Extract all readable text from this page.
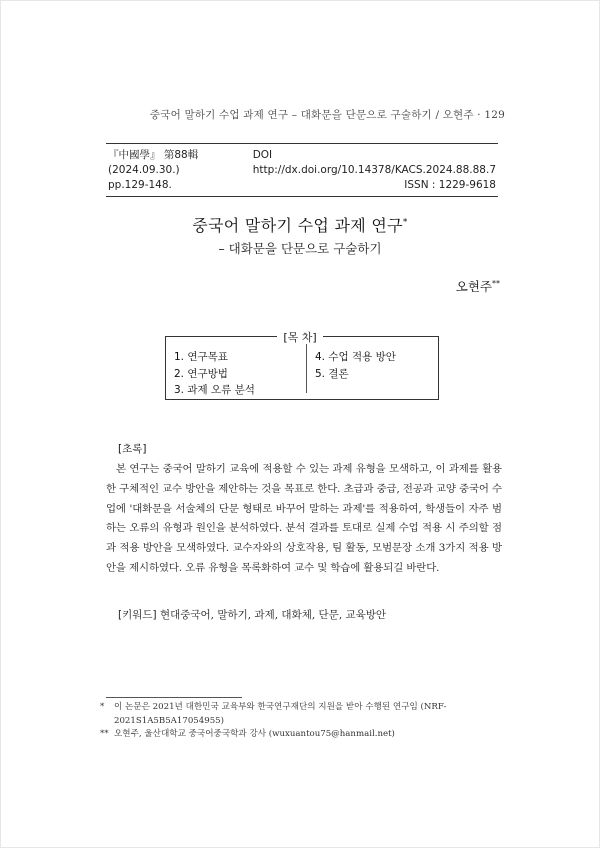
중국어 말하기 수업 과제 연구 – 대화문을 단문으로 구술하기 / 오현주 · 129
『中國學』 第88輯 (2024.09.30.)
DOI http://dx.doi.org/10.14378/KACS.2024.88.88.7
pp.129-148.	ISSN : 1229-9618
중국어 말하기 수업 과제 연구*
– 대화문을 단문으로 구술하기
오현주**
[목 차]
1. 연구목표
2. 연구방법
3. 과제 오류 분석
4. 수업 적용 방안
5. 결론
[초록]
본 연구는 중국어 말하기 교육에 적용할 수 있는 과제 유형을 모색하고, 이 과제를 활용한 구체적인 교수 방안을 제안하는 것을 목표로 한다. 초급과 중급, 전공과 교양 중국어 수업에 '대화문을 서술체의 단문 형태로 바꾸어 말하는 과제'를 적용하여, 학생들이 자주 범하는 오류의 유형과 원인을 분석하였다. 분석 결과를 토대로 실제 수업 적용 시 주의할 점과 적용 방안을 모색하였다. 교수자와의 상호작용, 팀 활동, 모범문장 소개 3가지 적용 방안을 제시하였다. 오류 유형을 목록화하여 교수 및 학습에 활용되길 바란다.
[키워드] 현대중국어, 말하기, 과제, 대화체, 단문, 교육방안
*	이 논문은 2021년 대한민국 교육부와 한국연구재단의 지원을 받아 수행된 연구임 (NRF-2021S1A5B5A17054955)
** 오현주, 울산대학교 중국어중국학과 강사 (wuxuantou75@hanmail.net)
